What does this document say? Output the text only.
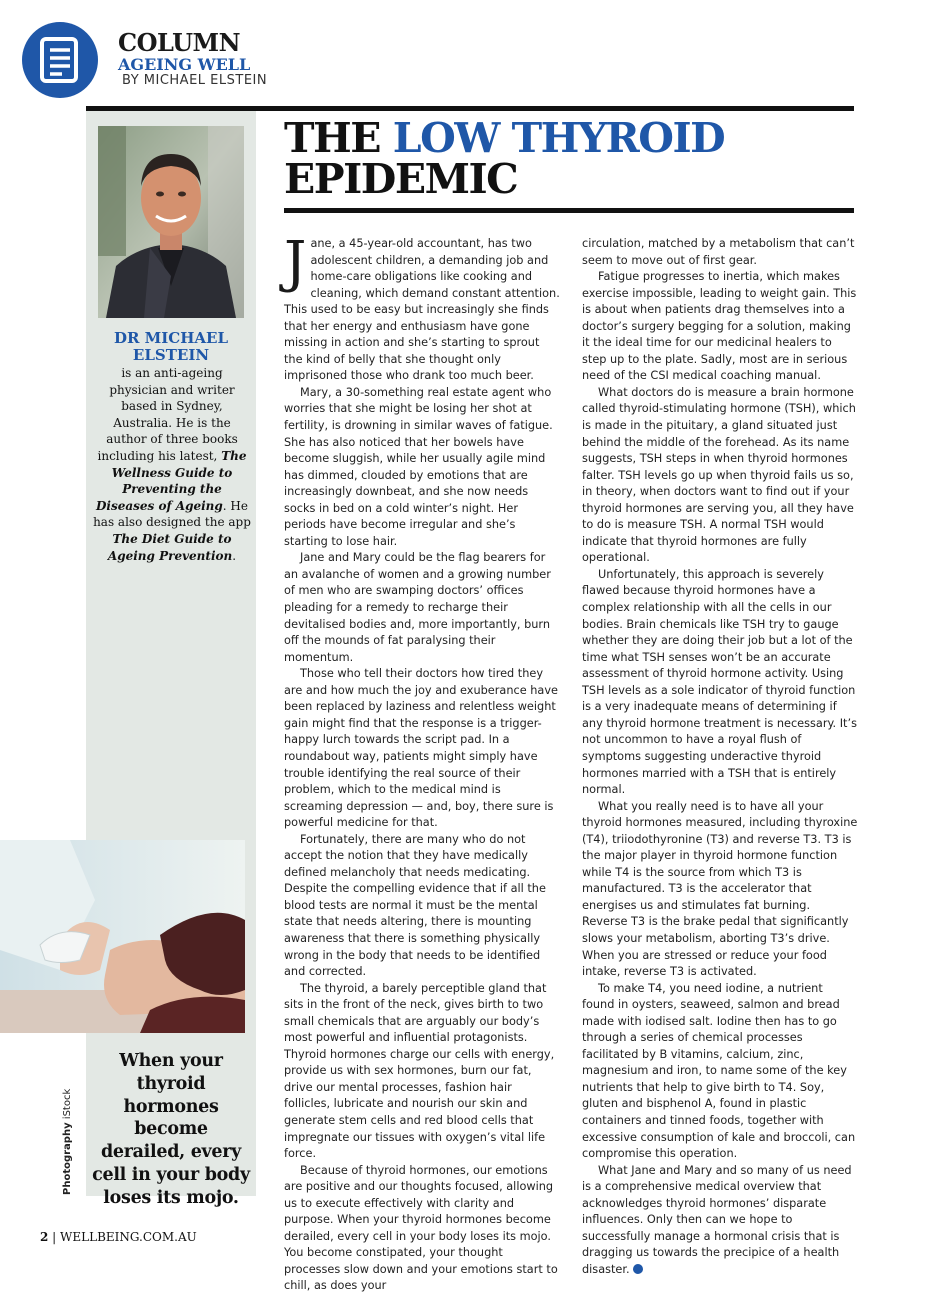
COLUMN
AGEING WELL
BY MICHAEL ELSTEIN
DR MICHAEL ELSTEIN
is an anti-ageing physician and writer based in Sydney, Australia. He is the author of three books including his latest, The Wellness Guide to Preventing the Diseases of Ageing. He has also designed the app The Diet Guide to Ageing Prevention.
When your thyroid hormones become derailed, every cell in your body loses its mojo.
Photography iStock
THE LOW THYROID
EPIDEMIC

Jane, a 45-year-old accountant, has two adolescent children, a demanding job and home-care obligations like cooking and cleaning, which demand constant attention. This used to be easy but increasingly she finds that her energy and enthusiasm have gone missing in action and she’s starting to sprout the kind of belly that she thought only imprisoned those who drank too much beer.

Mary, a 30-something real estate agent who worries that she might be losing her shot at fertility, is drowning in similar waves of fatigue. She has also noticed that her bowels have become sluggish, while her usually agile mind has dimmed, clouded by emotions that are increasingly downbeat, and she now needs socks in bed on a cold winter’s night. Her periods have become irregular and she’s starting to lose hair.

Jane and Mary could be the flag bearers for an avalanche of women and a growing number of men who are swamping doctors’ offices pleading for a remedy to recharge their devitalised bodies and, more importantly, burn off the mounds of fat paralysing their momentum.

Those who tell their doctors how tired they are and how much the joy and exuberance have been replaced by laziness and relentless weight gain might find that the response is a trigger-happy lurch towards the script pad. In a roundabout way, patients might simply have trouble identifying the real source of their problem, which to the medical mind is screaming depression — and, boy, there sure is powerful medicine for that.

Fortunately, there are many who do not accept the notion that they have medically defined melancholy that needs medicating. Despite the compelling evidence that if all the blood tests are normal it must be the mental state that needs altering, there is mounting awareness that there is something physically wrong in the body that needs to be identified and corrected.

The thyroid, a barely perceptible gland that sits in the front of the neck, gives birth to two small chemicals that are arguably our body’s most powerful and influential protagonists. Thyroid hormones charge our cells with energy, provide us with sex hormones, burn our fat, drive our mental processes, fashion hair follicles, lubricate and nourish our skin and generate stem cells and red blood cells that impregnate our tissues with oxygen’s vital life force.

Because of thyroid hormones, our emotions are positive and our thoughts focused, allowing us to execute effectively with clarity and purpose. When your thyroid hormones become derailed, every cell in your body loses its mojo. You become constipated, your thought processes slow down and your emotions start to chill, as does your

circulation, matched by a metabolism that can’t seem to move out of first gear.

Fatigue progresses to inertia, which makes exercise impossible, leading to weight gain. This is about when patients drag themselves into a doctor’s surgery begging for a solution, making it the ideal time for our medicinal healers to step up to the plate. Sadly, most are in serious need of the CSI medical coaching manual.

What doctors do is measure a brain hormone called thyroid-stimulating hormone (TSH), which is made in the pituitary, a gland situated just behind the middle of the forehead. As its name suggests, TSH steps in when thyroid hormones falter. TSH levels go up when thyroid fails us so, in theory, when doctors want to find out if your thyroid hormones are serving you, all they have to do is measure TSH. A normal TSH would indicate that thyroid hormones are fully operational.

Unfortunately, this approach is severely flawed because thyroid hormones have a complex relationship with all the cells in our bodies. Brain chemicals like TSH try to gauge whether they are doing their job but a lot of the time what TSH senses won’t be an accurate assessment of thyroid hormone activity. Using TSH levels as a sole indicator of thyroid function is a very inadequate means of determining if any thyroid hormone treatment is necessary. It’s not uncommon to have a royal flush of symptoms suggesting underactive thyroid hormones married with a TSH that is entirely normal.

What you really need is to have all your thyroid hormones measured, including thyroxine (T4), triiodothyronine (T3) and reverse T3. T3 is the major player in thyroid hormone function while T4 is the source from which T3 is manufactured. T3 is the accelerator that energises us and stimulates fat burning. Reverse T3 is the brake pedal that significantly slows your metabolism, aborting T3’s drive. When you are stressed or reduce your food intake, reverse T3 is activated.

To make T4, you need iodine, a nutrient found in oysters, seaweed, salmon and bread made with iodised salt. Iodine then has to go through a series of chemical processes facilitated by B vitamins, calcium, zinc, magnesium and iron, to name some of the key nutrients that help to give birth to T4. Soy, gluten and bisphenol A, found in plastic containers and tinned foods, together with excessive consumption of kale and broccoli, can compromise this operation.

What Jane and Mary and so many of us need is a comprehensive medical overview that acknowledges thyroid hormones’ disparate influences. Only then can we hope to successfully manage a hormonal crisis that is dragging us towards the precipice of a health disaster.

2 | WELLBEING.COM.AU
